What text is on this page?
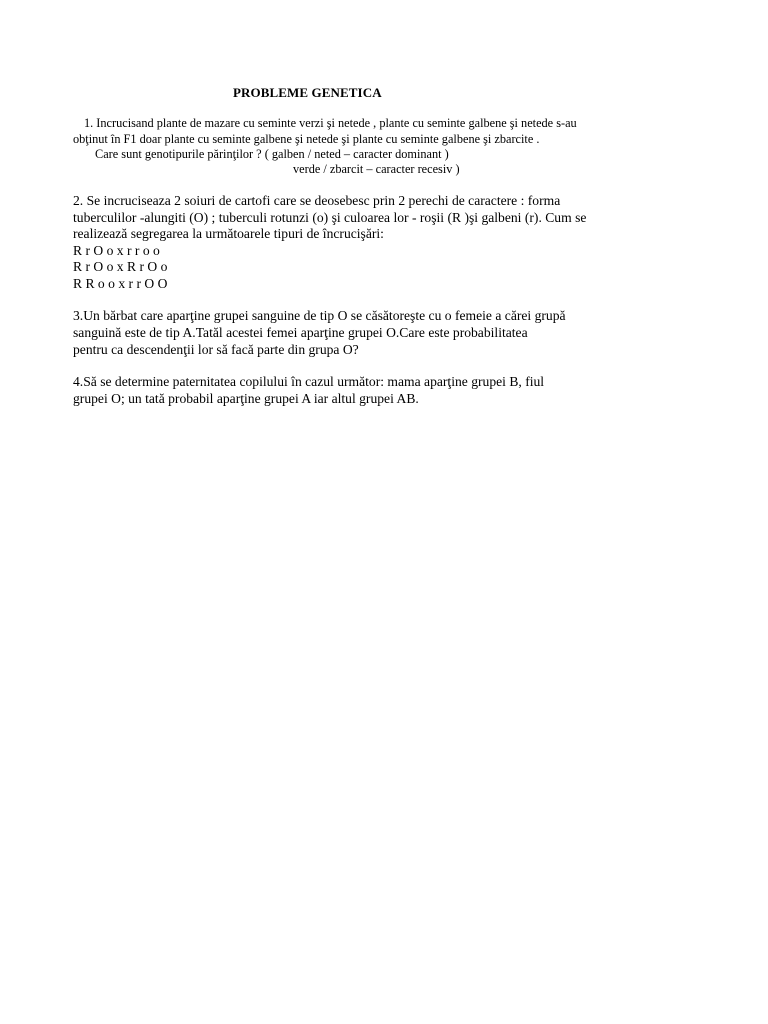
PROBLEME GENETICA
1. Incrucisand plante de mazare cu seminte verzi şi netede , plante cu seminte galbene şi netede s-au
obţinut în F1 doar plante cu seminte galbene şi netede şi plante cu seminte galbene şi zbarcite .
Care sunt genotipurile părinţilor ? ( galben / neted – caracter dominant )
verde / zbarcit – caracter recesiv )
2. Se incruciseaza 2 soiuri de cartofi care se deosebesc prin 2 perechi de caractere : forma
tuberculilor -alungiti (O) ; tuberculi rotunzi (o) şi culoarea lor - roşii (R )şi galbeni (r). Cum se
realizează segregarea la următoarele tipuri de încrucişări:
R r O o x r r o o
R r O o x R r O o
R R o o x r r O O
3.Un bărbat care aparţine grupei sanguine de tip O se căsătoreşte cu o femeie a cărei grupă
sanguină este de tip A.Tatăl acestei femei aparţine grupei O.Care este probabilitatea
pentru ca descendenţii lor să facă parte din grupa O?
4.Să se determine paternitatea copilului în cazul următor: mama aparţine grupei B, fiul
grupei O; un tată probabil aparţine grupei A iar altul grupei AB.
